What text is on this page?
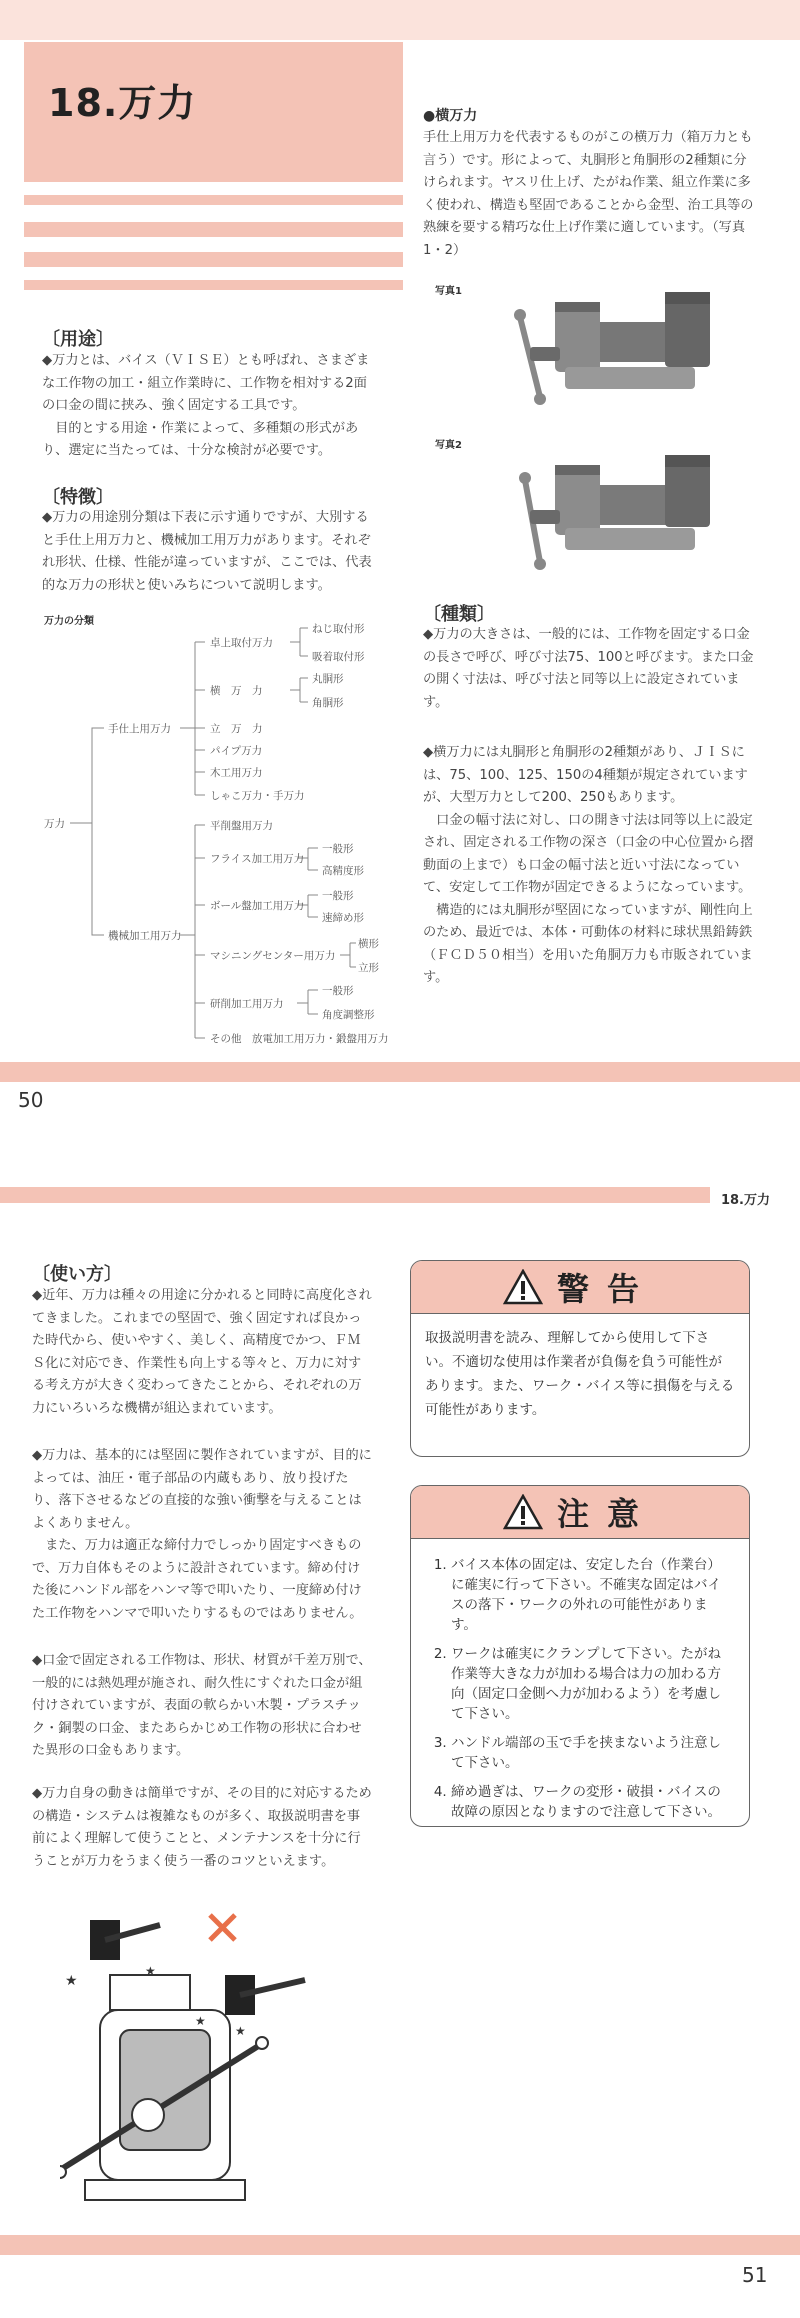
18.万力
〔用途〕
◆万力とは、バイス（ＶＩＳＥ）とも呼ばれ、さまざまな工作物の加工・組立作業時に、工作物を相対する2面の口金の間に挟み、強く固定する工具です。
　目的とする用途・作業によって、多種類の形式があり、選定に当たっては、十分な検討が必要です。
〔特徴〕
◆万力の用途別分類は下表に示す通りですが、大別すると手仕上用万力と、機械加工用万力があります。それぞれ形状、仕様、性能が違っていますが、ここでは、代表的な万力の形状と使いみちについて説明します。
万力の分類
万力
手仕上用万力
機械加工用万力
卓上取付万力
ねじ取付形
吸着取付形
横　万　力
丸胴形
角胴形
立　万　力
パイプ万力
木工用万力
しゃこ万力・手万力
平削盤用万力
フライス加工用万力
一般形
高精度形
ボール盤加工用万力
一般形
速締め形
マシニングセンター用万力
横形
立形
研削加工用万力
一般形
角度調整形
その他　放電加工用万力・鍛盤用万力
●横万力
手仕上用万力を代表するものがこの横万力（箱万力とも言う）です。形によって、丸胴形と角胴形の2種類に分けられます。ヤスリ仕上げ、たがね作業、組立作業に多く使われ、構造も堅固であることから金型、治工具等の熟練を要する精巧な仕上げ作業に適しています。（写真1・2）
写真1
写真2
〔種類〕
◆万力の大きさは、一般的には、工作物を固定する口金の長さで呼び、呼び寸法75、100と呼びます。また口金の開く寸法は、呼び寸法と同等以上に設定されています。
◆横万力には丸胴形と角胴形の2種類があり、ＪＩＳには、75、100、125、150の4種類が規定されていますが、大型万力として200、250もあります。
　口金の幅寸法に対し、口の開き寸法は同等以上に設定され、固定される工作物の深さ（口金の中心位置から摺動面の上まで）も口金の幅寸法と近い寸法になっていて、安定して工作物が固定できるようになっています。
　構造的には丸胴形が堅固になっていますが、剛性向上のため、最近では、本体・可動体の材料に球状黒鉛鋳鉄（ＦＣＤ５０相当）を用いた角胴万力も市販されています。
50
18.万力
〔使い方〕
◆近年、万力は種々の用途に分かれると同時に高度化されてきました。これまでの堅固で、強く固定すれば良かった時代から、使いやすく、美しく、高精度でかつ、ＦＭＳ化に対応でき、作業性も向上する等々と、万力に対する考え方が大きく変わってきたことから、それぞれの万力にいろいろな機構が組込まれています。
◆万力は、基本的には堅固に製作されていますが、目的によっては、油圧・電子部品の内蔵もあり、放り投げたり、落下させるなどの直接的な強い衝撃を与えることはよくありません。
　また、万力は適正な締付力でしっかり固定すべきもので、万力自体もそのように設計されています。締め付けた後にハンドル部をハンマ等で叩いたり、一度締め付けた工作物をハンマで叩いたりするものではありません。
◆口金で固定される工作物は、形状、材質が千差万別で、一般的には熱処理が施され、耐久性にすぐれた口金が組付けされていますが、表面の軟らかい木製・プラスチック・銅製の口金、またあらかじめ工作物の形状に合わせた異形の口金もあります。
◆万力自身の動きは簡単ですが、その目的に対応するための構造・システムは複雑なものが多く、取扱説明書を事前によく理解して使うことと、メンテナンスを十分に行うことが万力をうまく使う一番のコツといえます。
★
★
★
★
警告
取扱説明書を読み、理解してから使用して下さい。不適切な使用は作業者が負傷を負う可能性があります。また、ワーク・バイス等に損傷を与える可能性があります。
注意
1. バイス本体の固定は、安定した台（作業台）に確実に行って下さい。不確実な固定はバイスの落下・ワークの外れの可能性があります。
2. ワークは確実にクランプして下さい。たがね作業等大きな力が加わる場合は力の加わる方向（固定口金側へ力が加わるよう）を考慮して下さい。
3. ハンドル端部の玉で手を挟まないよう注意して下さい。
4. 締め過ぎは、ワークの変形・破損・バイスの故障の原因となりますので注意して下さい。
51
